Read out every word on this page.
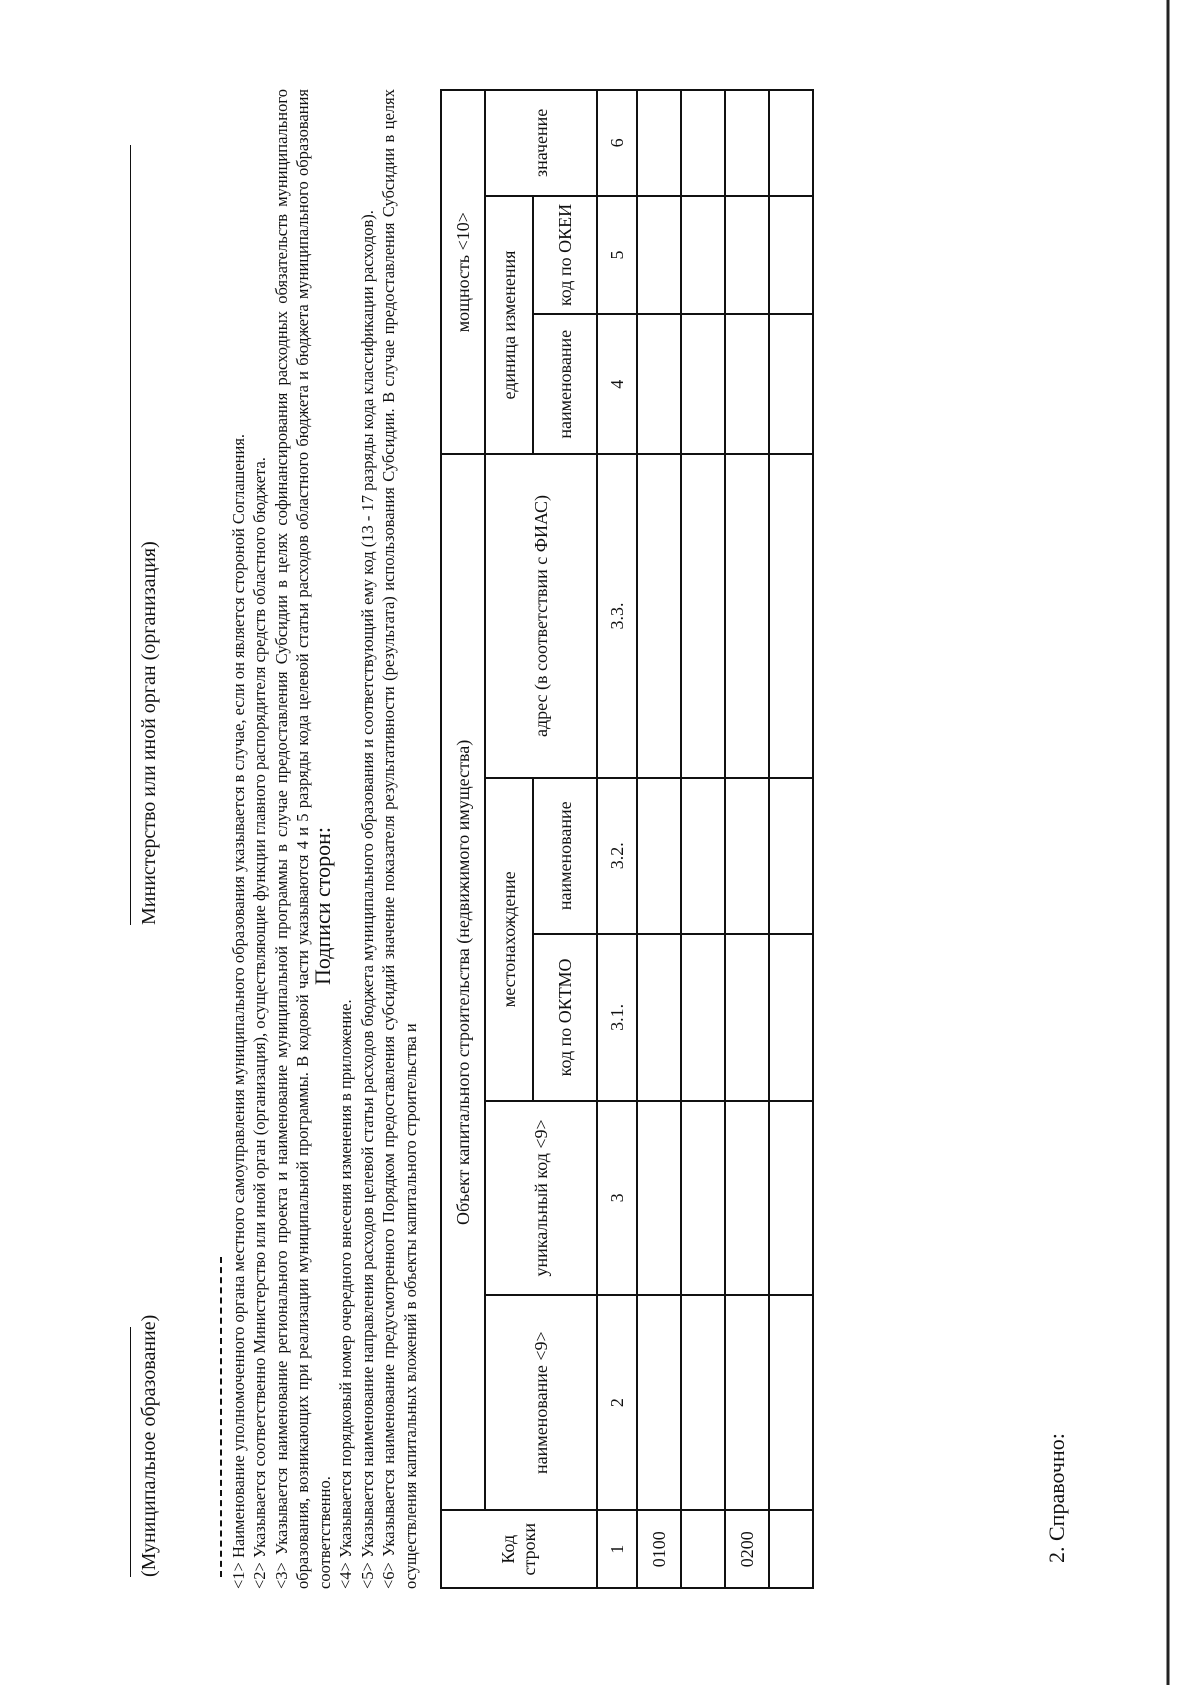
2. Справочно:
Код строки	Объект капитального строительства (недвижимого имущества)					мощность <10>		
	наименование <9>	уникальный код <9>	местонахождение		адрес (в соответствии с ФИАС)	единица изменения		значение
			код по ОКТМО	наименование		наименование	код по ОКЕИ	
1	2	3	3.1.	3.2.	3.3.	4	5	6
0100								

0200								

Подписи сторон:
(Муниципальное образование)
Министерство или иной орган (организация)	<1> Наименование уполномоченного органа местного самоуправления муниципального образования указывается в случае, если он является стороной Соглашения. <2> Указывается соответственно Министерство или иной орган (организация), осуществляющие функции главного распорядителя средств областного бюджета. <3> Указывается наименование регионального проекта и наименование муниципальной программы в случае предоставления Субсидии в целях софинансирования расходных обязательств муниципального образования, возникающих при реализации муниципальной программы. В кодовой части указываются 4 и 5 разряды кода целевой статьи расходов областного бюджета и бюджета муниципального образования соответственно. <4> Указывается порядковый номер очередного внесения изменения в приложение. <5> Указывается наименование направления расходов целевой статьи расходов бюджета муниципального образования и соответствующий ему код (13 - 17 разряды кода классификации расходов). <6> Указывается наименование предусмотренного Порядком предоставления субсидий значение показателя результативности (результата) использования Субсидии. В случае предоставления Субсидии в целях осуществления капитальных вложений в объекты капитального строительства и
